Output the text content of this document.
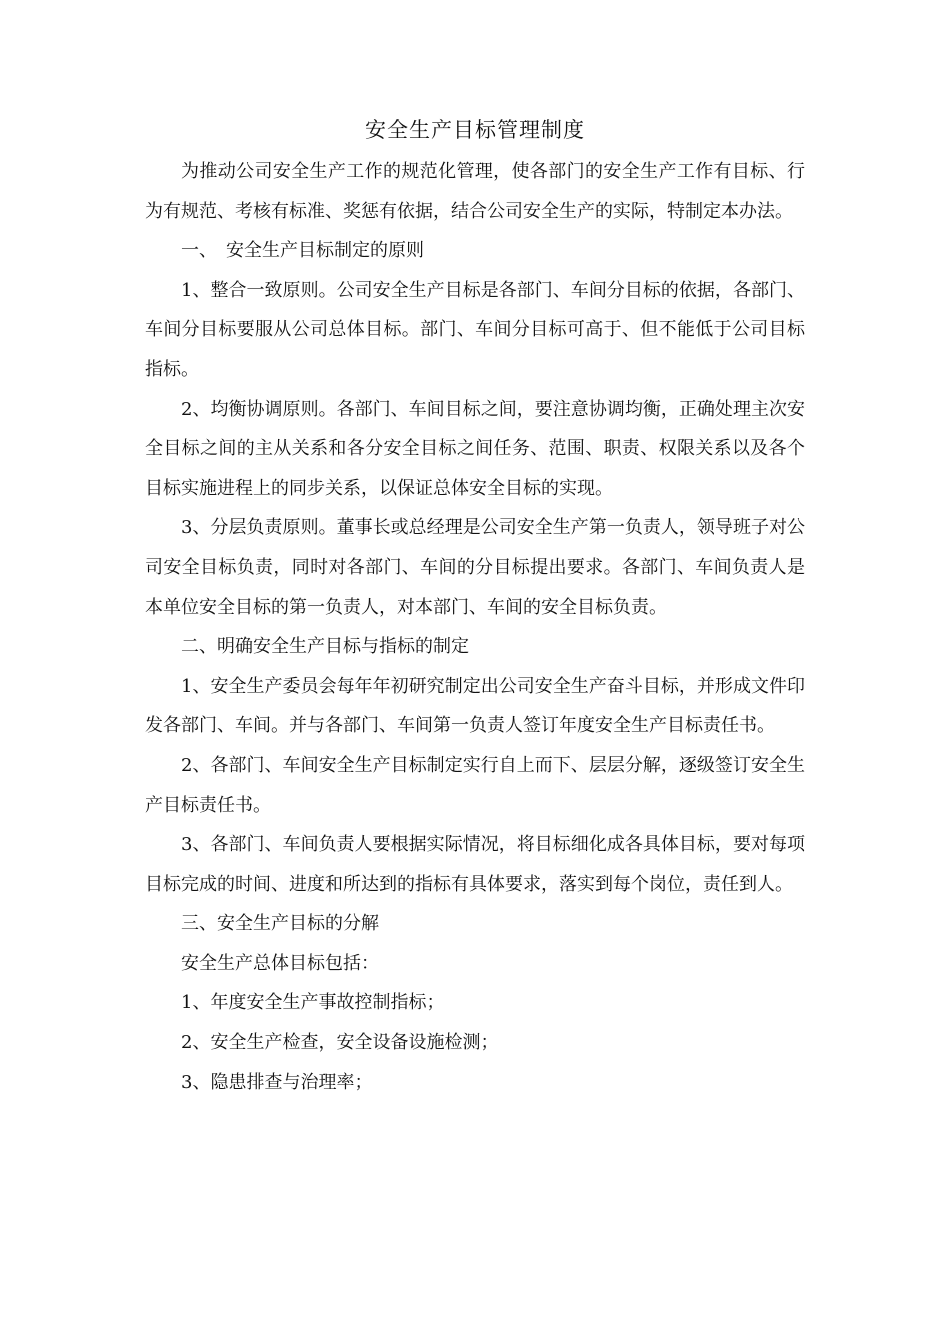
安全生产目标管理制度

为推动公司安全生产工作的规范化管理，使各部门的安全生产工作有目标、行为有规范、考核有标准、奖惩有依据，结合公司安全生产的实际，特制定本办法。

一、　安全生产目标制定的原则

1、整合一致原则。公司安全生产目标是各部门、车间分目标的依据，各部门、车间分目标要服从公司总体目标。部门、车间分目标可高于、但不能低于公司目标指标。

2、均衡协调原则。各部门、车间目标之间，要注意协调均衡，正确处理主次安全目标之间的主从关系和各分安全目标之间任务、范围、职责、权限关系以及各个目标实施进程上的同步关系，以保证总体安全目标的实现。

3、分层负责原则。董事长或总经理是公司安全生产第一负责人，领导班子对公司安全目标负责，同时对各部门、车间的分目标提出要求。各部门、车间负责人是本单位安全目标的第一负责人，对本部门、车间的安全目标负责。

二、明确安全生产目标与指标的制定

1、安全生产委员会每年年初研究制定出公司安全生产奋斗目标，并形成文件印发各部门、车间。并与各部门、车间第一负责人签订年度安全生产目标责任书。

2、各部门、车间安全生产目标制定实行自上而下、层层分解，逐级签订安全生产目标责任书。

3、各部门、车间负责人要根据实际情况，将目标细化成各具体目标，要对每项目标完成的时间、进度和所达到的指标有具体要求，落实到每个岗位，责任到人。

三、安全生产目标的分解

安全生产总体目标包括：

1、年度安全生产事故控制指标；

2、安全生产检查，安全设备设施检测；

3、隐患排查与治理率；
